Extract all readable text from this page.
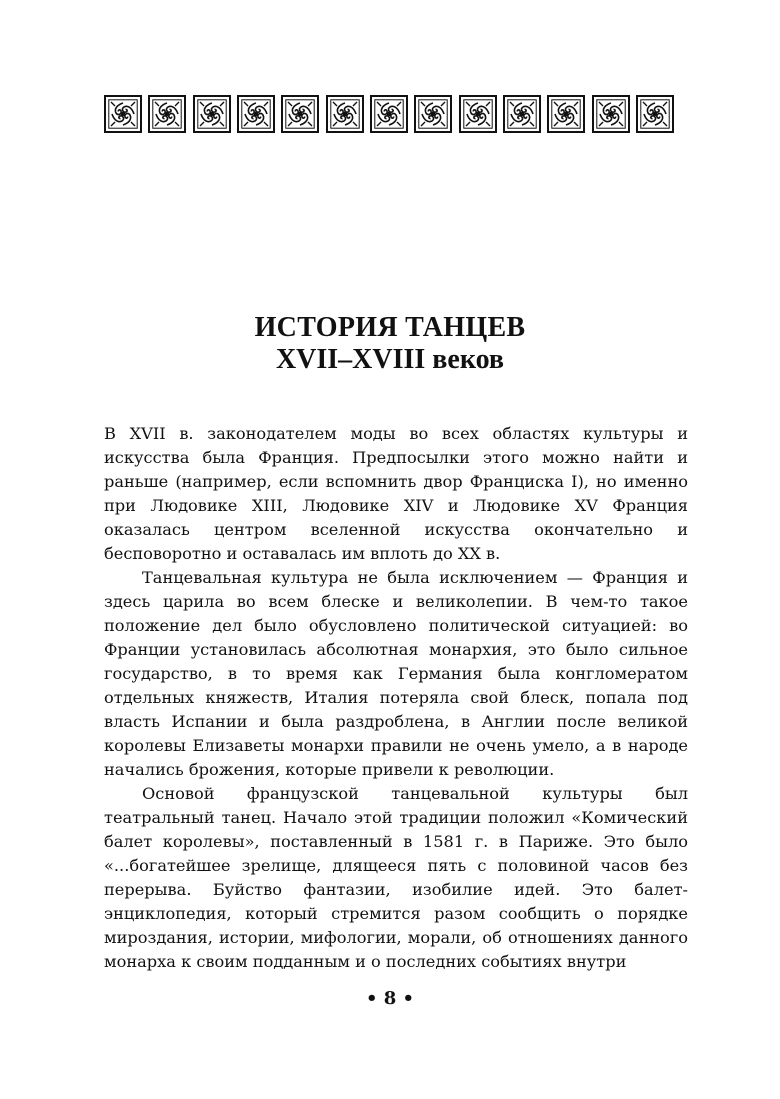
ИСТОРИЯ ТАНЦЕВ
XVII–XVIII веков

В XVII в. законодателем моды во всех областях культуры и искусства была Франция. Предпосылки этого можно найти и раньше (например, если вспомнить двор Франциска I), но именно при Людовике XIII, Людовике XIV и Людовике XV Франция оказалась центром вселенной искусства окончательно и бесповоротно и оставалась им вплоть до XX в.

Танцевальная культура не была исключением — Франция и здесь царила во всем блеске и великолепии. В чем-то такое положение дел было обусловлено политической ситуацией: во Франции установилась абсолютная монархия, это было сильное государство, в то время как Германия была конгломератом отдельных княжеств, Италия потеряла свой блеск, попала под власть Испании и была раздроблена, в Англии после великой королевы Елизаветы монархи правили не очень умело, а в народе начались брожения, которые привели к революции.

Основой французской танцевальной культуры был театральный танец. Начало этой традиции положил «Комический балет королевы», поставленный в 1581 г. в Париже. Это было «...богатейшее зрелище, длящееся пять с половиной часов без перерыва. Буйство фантазии, изобилие идей. Это балет-энциклопедия, который стремится разом сообщить о порядке мироздания, истории, мифологии, морали, об отношениях данного монарха к своим подданным и о последних событиях внутри

• 8 •
